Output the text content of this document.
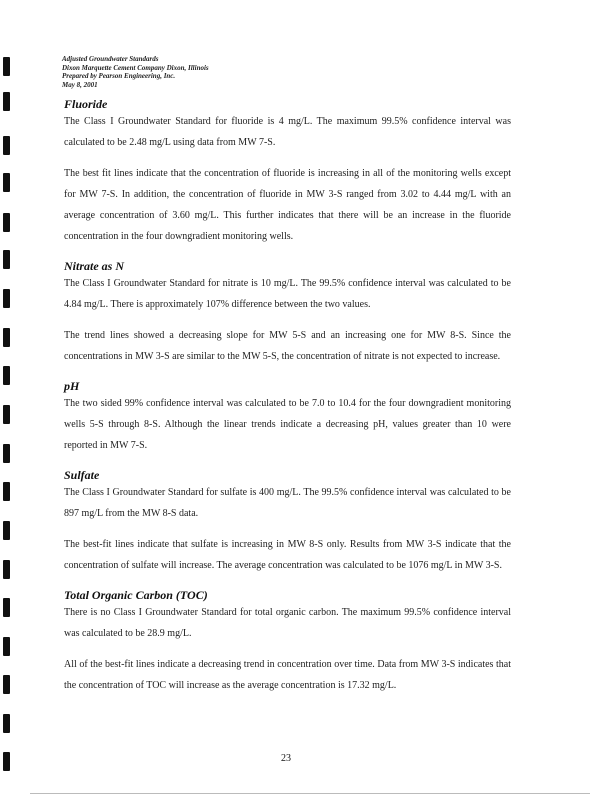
Adjusted Groundwater Standards
Dixon Marquette Cement Company Dixon, Illinois
Prepared by Pearson Engineering, Inc.
May 8, 2001
Fluoride

The Class I Groundwater Standard for fluoride is 4 mg/L. The maximum 99.5% confidence interval was calculated to be 2.48 mg/L using data from MW 7-S.

The best fit lines indicate that the concentration of fluoride is increasing in all of the monitoring wells except for MW 7-S. In addition, the concentration of fluoride in MW 3-S ranged from 3.02 to 4.44 mg/L with an average concentration of 3.60 mg/L. This further indicates that there will be an increase in the fluoride concentration in the four downgradient monitoring wells.

Nitrate as N

The Class I Groundwater Standard for nitrate is 10 mg/L. The 99.5% confidence interval was calculated to be 4.84 mg/L. There is approximately 107% difference between the two values.

The trend lines showed a decreasing slope for MW 5-S and an increasing one for MW 8-S. Since the concentrations in MW 3-S are similar to the MW 5-S, the concentration of nitrate is not expected to increase.

pH

The two sided 99% confidence interval was calculated to be 7.0 to 10.4 for the four downgradient monitoring wells 5-S through 8-S. Although the linear trends indicate a decreasing pH, values greater than 10 were reported in MW 7-S.

Sulfate

The Class I Groundwater Standard for sulfate is 400 mg/L. The 99.5% confidence interval was calculated to be 897 mg/L from the MW 8-S data.

The best-fit lines indicate that sulfate is increasing in MW 8-S only. Results from MW 3-S indicate that the concentration of sulfate will increase. The average concentration was calculated to be 1076 mg/L in MW 3-S.

Total Organic Carbon (TOC)

There is no Class I Groundwater Standard for total organic carbon. The maximum 99.5% confidence interval was calculated to be 28.9 mg/L.

All of the best-fit lines indicate a decreasing trend in concentration over time. Data from MW 3-S indicates that the concentration of TOC will increase as the average concentration is 17.32 mg/L.

23
